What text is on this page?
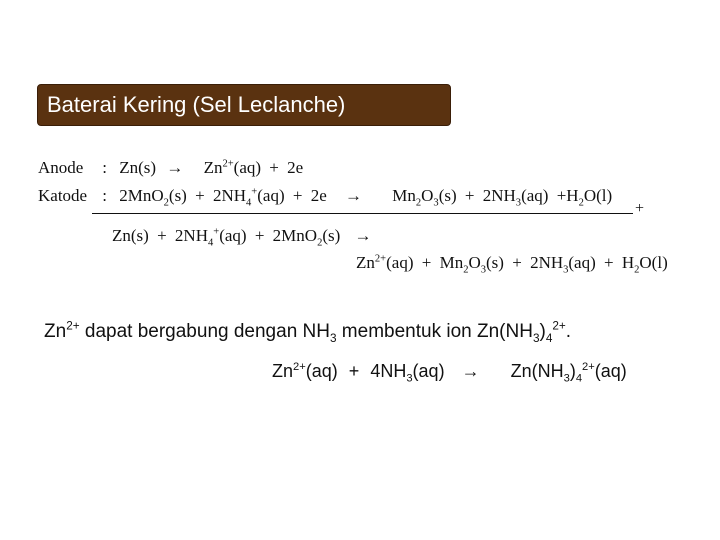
Baterai Kering (Sel Leclanche)
Anode : $Zn(s) \to Zn^{2+}(aq) + 2e$
Katode : $2MnO_2(s) + 2NH_4^+(aq) + 2e \to Mn_2O_3(s) + 2NH_3(aq) +H_2O(l)$
+
$Zn(s) + 2NH_4^+(aq) + 2MnO_2(s)$ →
$Zn^{2+}(aq) + Mn_2O_3(s) + 2NH_3(aq) + H_2O(l)$
$Zn^{2+}$ dapat bergabung dengan $NH_3$ membentuk ion $Zn(NH_3)_4^{2+}$.
$Zn^{2+}(aq) + 4NH_3(aq) \to Zn(NH_3)_4^{2+}(aq)$
